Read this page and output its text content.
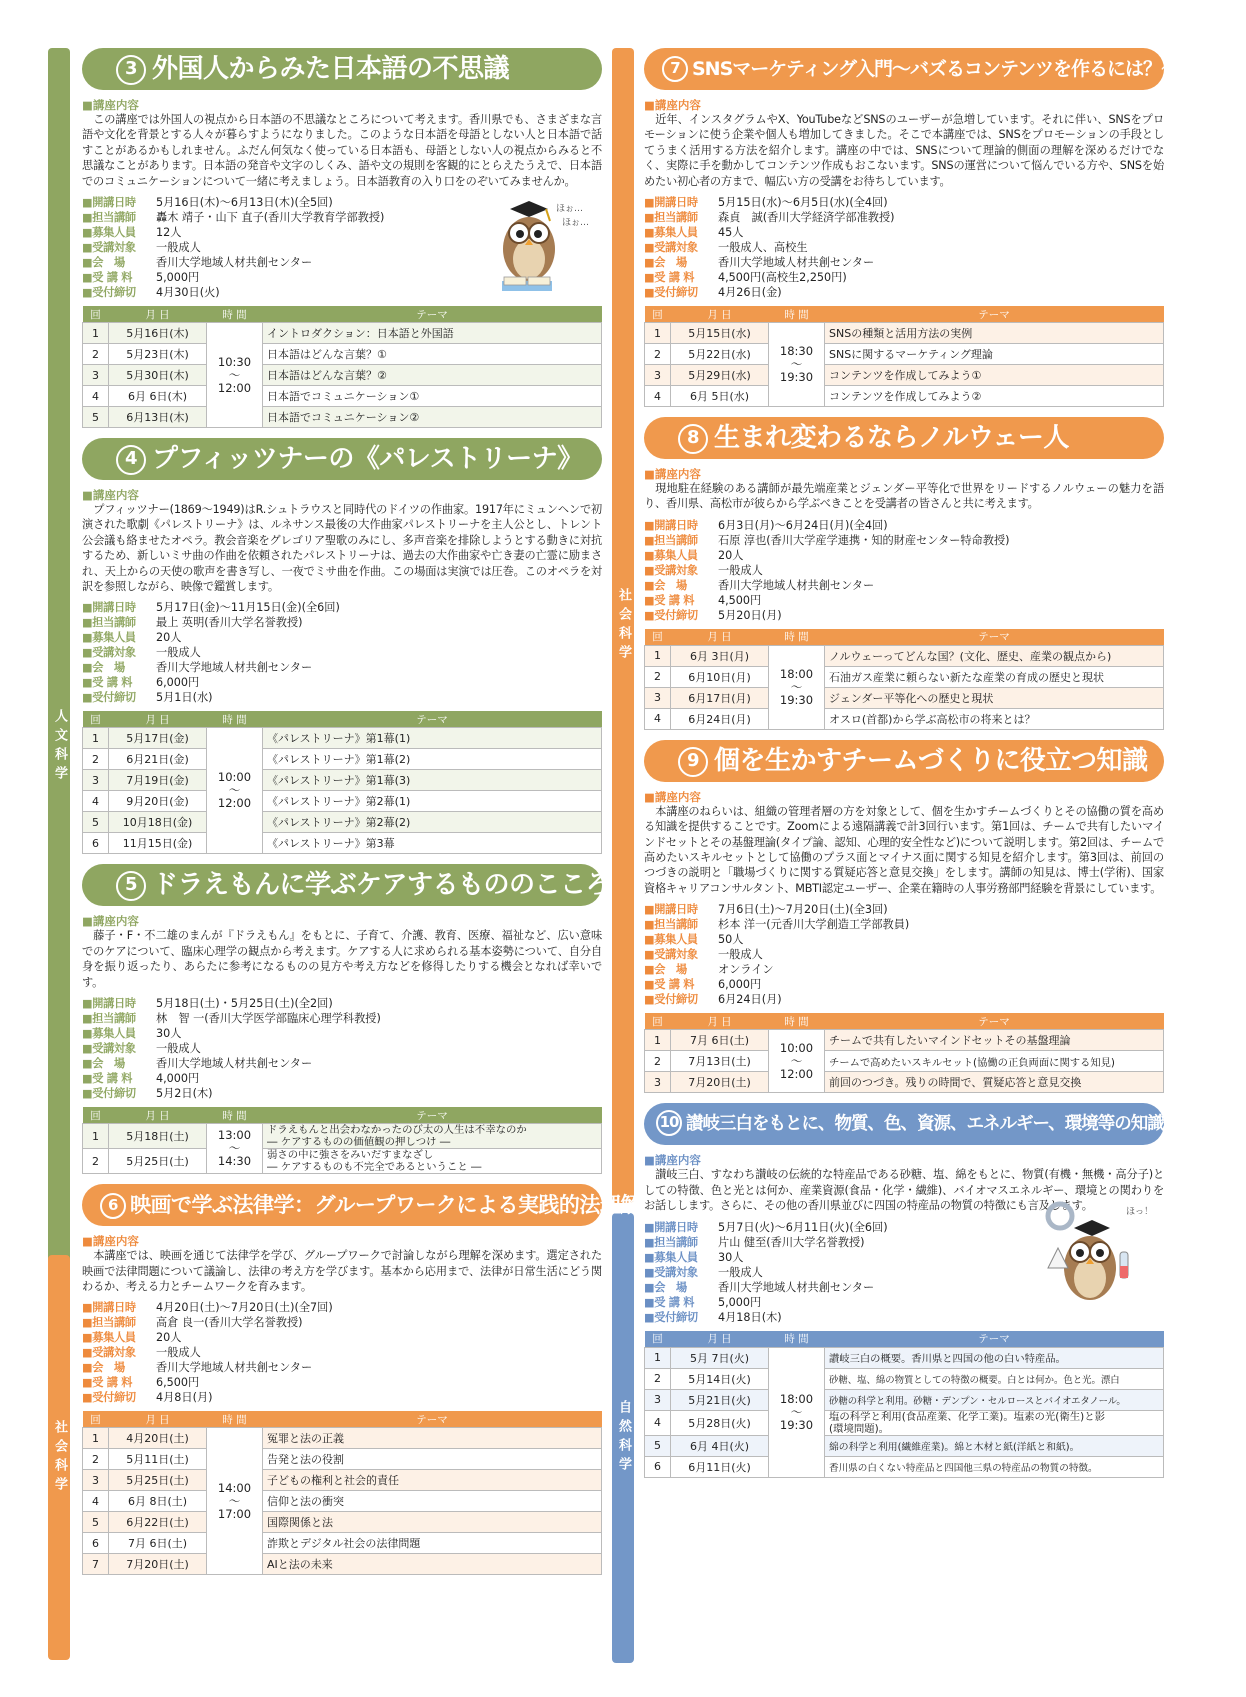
人文科学
社会科学
社会科学
自然科学
3 外国人からみた日本語の不思議
■講座内容

この講座では外国人の視点から日本語の不思議なところについて考えます。香川県でも、さまざまな言語や文化を背景とする人々が暮らすようになりました。このような日本語を母語としない人と日本語で話すことがあるかもしれません。ふだん何気なく使っている日本語も、母語としない人の視点からみると不思議なことがあります。日本語の発音や文字のしくみ、語や文の規則を客観的にとらえたうえで、日本語でのコミュニケーションについて一緒に考えましょう。日本語教育の入り口をのぞいてみませんか。

■開講日時	5月16日(木)～6月13日(木)(全5回)
■担当講師	轟木 靖子・山下 直子(香川大学教育学部教授)
■募集人員	12人
■受講対象	一般成人
■会　場	香川大学地域人材共創センター
■受 講 料	5,000円
■受付締切	4月30日(火)
ほぉ…
ほぉ…
回	月 日	時 間	テーマ
1	5月16日(木)	10:30
～
12:00	イントロダクション：日本語と外国語
2	5月23日(木)		日本語はどんな言葉？①
3	5月30日(木)		日本語はどんな言葉？②
4	6月 6日(木)		日本語でコミュニケーション①
5	6月13日(木)		日本語でコミュニケーション②
4 プフィッツナーの《パレストリーナ》
■講座内容

プフィッツナー(1869～1949)はR.シュトラウスと同時代のドイツの作曲家。1917年にミュンヘンで初演された歌劇《パレストリーナ》は、ルネサンス最後の大作曲家パレストリーナを主人公とし、トレント公会議も絡ませたオペラ。教会音楽をグレゴリア聖歌のみにし、多声音楽を排除しようとする動きに対抗するため、新しいミサ曲の作曲を依頼されたパレストリーナは、過去の大作曲家や亡き妻の亡霊に励まされ、天上からの天使の歌声を書き写し、一夜でミサ曲を作曲。この場面は実演では圧巻。このオペラを対訳を参照しながら、映像で鑑賞します。

■開講日時	5月17日(金)～11月15日(金)(全6回)
■担当講師	最上 英明(香川大学名誉教授)
■募集人員	20人
■受講対象	一般成人
■会　場	香川大学地域人材共創センター
■受 講 料	6,000円
■受付締切	5月1日(水)
回	月 日	時 間	テーマ
1	5月17日(金)	10:00
～
12:00	《パレストリーナ》第1幕(1)
2	6月21日(金)		《パレストリーナ》第1幕(2)
3	7月19日(金)		《パレストリーナ》第1幕(3)
4	9月20日(金)		《パレストリーナ》第2幕(1)
5	10月18日(金)		《パレストリーナ》第2幕(2)
6	11月15日(金)		《パレストリーナ》第3幕
5 ドラえもんに学ぶケアするもののこころ
■講座内容

藤子・F・不二雄のまんが『ドラえもん』をもとに、子育て、介護、教育、医療、福祉など、広い意味でのケアについて、臨床心理学の観点から考えます。ケアする人に求められる基本姿勢について、自分自身を振り返ったり、あらたに参考になるものの見方や考え方などを修得したりする機会となれば幸いです。

■開講日時	5月18日(土)・5月25日(土)(全2回)
■担当講師	林　智 一(香川大学医学部臨床心理学科教授)
■募集人員	30人
■受講対象	一般成人
■会　場	香川大学地域人材共創センター
■受 講 料	4,000円
■受付締切	5月2日(木)
回	月 日	時 間	テーマ
1	5月18日(土)	13:00
～
14:30	ドラえもんと出会わなかったのび太の人生は不幸なのか
― ケアするものの価値観の押しつけ ―
2	5月25日(土)		弱さの中に強さをみいだすまなざし
― ケアするものも不完全であるということ ―
6 映画で学ぶ法律学：グループワークによる実践的法理解
■講座内容

本講座では、映画を通じて法律学を学び、グループワークで討論しながら理解を深めます。選定された映画で法律問題について議論し、法律の考え方を学びます。基本から応用まで、法律が日常生活にどう関わるか、考える力とチームワークを育みます。

■開講日時	4月20日(土)～7月20日(土)(全7回)
■担当講師	高倉 良一(香川大学名誉教授)
■募集人員	20人
■受講対象	一般成人
■会　場	香川大学地域人材共創センター
■受 講 料	6,500円
■受付締切	4月8日(月)
回	月 日	時 間	テーマ
1	4月20日(土)	14:00
～
17:00	冤罪と法の正義
2	5月11日(土)		告発と法の役割
3	5月25日(土)		子どもの権利と社会的責任
4	6月 8日(土)		信仰と法の衝突
5	6月22日(土)		国際関係と法
6	7月 6日(土)		詐欺とデジタル社会の法律問題
7	7月20日(土)		AIと法の未来
7 SNSマーケティング入門～バズるコンテンツを作るには？～
■講座内容

近年、インスタグラムやX、YouTubeなどSNSのユーザーが急増しています。それに伴い、SNSをプロモーションに使う企業や個人も増加してきました。そこで本講座では、SNSをプロモーションの手段としてうまく活用する方法を紹介します。講座の中では、SNSについて理論的側面の理解を深めるだけでなく、実際に手を動かしてコンテンツ作成もおこないます。SNSの運営について悩んでいる方や、SNSを始めたい初心者の方まで、幅広い方の受講をお待ちしています。

■開講日時	5月15日(水)～6月5日(水)(全4回)
■担当講師	森貞　誠(香川大学経済学部准教授)
■募集人員	45人
■受講対象	一般成人、高校生
■会　場	香川大学地域人材共創センター
■受 講 料	4,500円(高校生2,250円)
■受付締切	4月26日(金)
回	月 日	時 間	テーマ
1	5月15日(水)	18:30
～
19:30	SNSの種類と活用方法の実例
2	5月22日(水)		SNSに関するマーケティング理論
3	5月29日(水)		コンテンツを作成してみよう①
4	6月 5日(水)		コンテンツを作成してみよう②
8 生まれ変わるならノルウェー人
■講座内容

現地駐在経験のある講師が最先端産業とジェンダー平等化で世界をリードするノルウェーの魅力を語り、香川県、高松市が彼らから学ぶべきことを受講者の皆さんと共に考えます。

■開講日時	6月3日(月)～6月24日(月)(全4回)
■担当講師	石原 淳也(香川大学産学連携・知的財産センター特命教授)
■募集人員	20人
■受講対象	一般成人
■会　場	香川大学地域人材共創センター
■受 講 料	4,500円
■受付締切	5月20日(月)
回	月 日	時 間	テーマ
1	6月 3日(月)	18:00
～
19:30	ノルウェーってどんな国？(文化、歴史、産業の観点から)
2	6月10日(月)		石油ガス産業に頼らない新たな産業の育成の歴史と現状
3	6月17日(月)		ジェンダー平等化への歴史と現状
4	6月24日(月)		オスロ(首都)から学ぶ高松市の将来とは？
9 個を生かすチームづくりに役立つ知識
■講座内容

本講座のねらいは、組織の管理者層の方を対象として、個を生かすチームづくりとその協働の質を高める知識を提供することです。Zoomによる遠隔講義で計3回行います。第1回は、チームで共有したいマインドセットとその基盤理論(タイプ論、認知、心理的安全性など)について説明します。第2回は、チームで高めたいスキルセットとして協働のプラス面とマイナス面に関する知見を紹介します。第3回は、前回のつづきの説明と「職場づくりに関する質疑応答と意見交換」をします。講師の知見は、博士(学術)、国家資格キャリアコンサルタント、MBTI認定ユーザー、企業在籍時の人事労務部門経験を背景にしています。

■開講日時	7月6日(土)～7月20日(土)(全3回)
■担当講師	杉本 洋一(元香川大学創造工学部教員)
■募集人員	50人
■受講対象	一般成人
■会　場	オンライン
■受 講 料	6,000円
■受付締切	6月24日(月)
回	月 日	時 間	テーマ
1	7月 6日(土)	10:00
～
12:00	チームで共有したいマインドセットその基盤理論
2	7月13日(土)		チームで高めたいスキルセット(協働の正負両面に関する知見)
3	7月20日(土)		前回のつづき。残りの時間で、質疑応答と意見交換
10 讃岐三白をもとに、物質、色、資源、エネルギー、環境等の知識を深めよう
■講座内容

讃岐三白、すなわち讃岐の伝統的な特産品である砂糖、塩、綿をもとに、物質(有機・無機・高分子)としての特徴、色と光とは何か、産業資源(食品・化学・繊維)、バイオマスエネルギー、環境との関わりをお話しします。さらに、その他の香川県並びに四国の特産品の物質の特徴にも言及します。

■開講日時	5月7日(火)～6月11日(火)(全6回)
■担当講師	片山 健至(香川大学名誉教授)
■募集人員	30人
■受講対象	一般成人
■会　場	香川大学地域人材共創センター
■受 講 料	5,000円
■受付締切	4月18日(木)
ほっ！
回	月 日	時 間	テーマ
1	5月 7日(火)	18:00
～
19:30	讃岐三白の概要。香川県と四国の他の白い特産品。
2	5月14日(火)		砂糖、塩、綿の物質としての特徴の概要。白とは何か。色と光。漂白
3	5月21日(火)		砂糖の科学と利用。砂糖・デンプン・セルロースとバイオエタノール。
4	5月28日(火)		塩の科学と利用(食品産業、化学工業)。塩素の光(衛生)と影
(環境問題)。
5	6月 4日(火)		綿の科学と利用(繊維産業)。綿と木材と紙(洋紙と和紙)。
6	6月11日(火)		香川県の白くない特産品と四国他三県の特産品の物質の特徴。
